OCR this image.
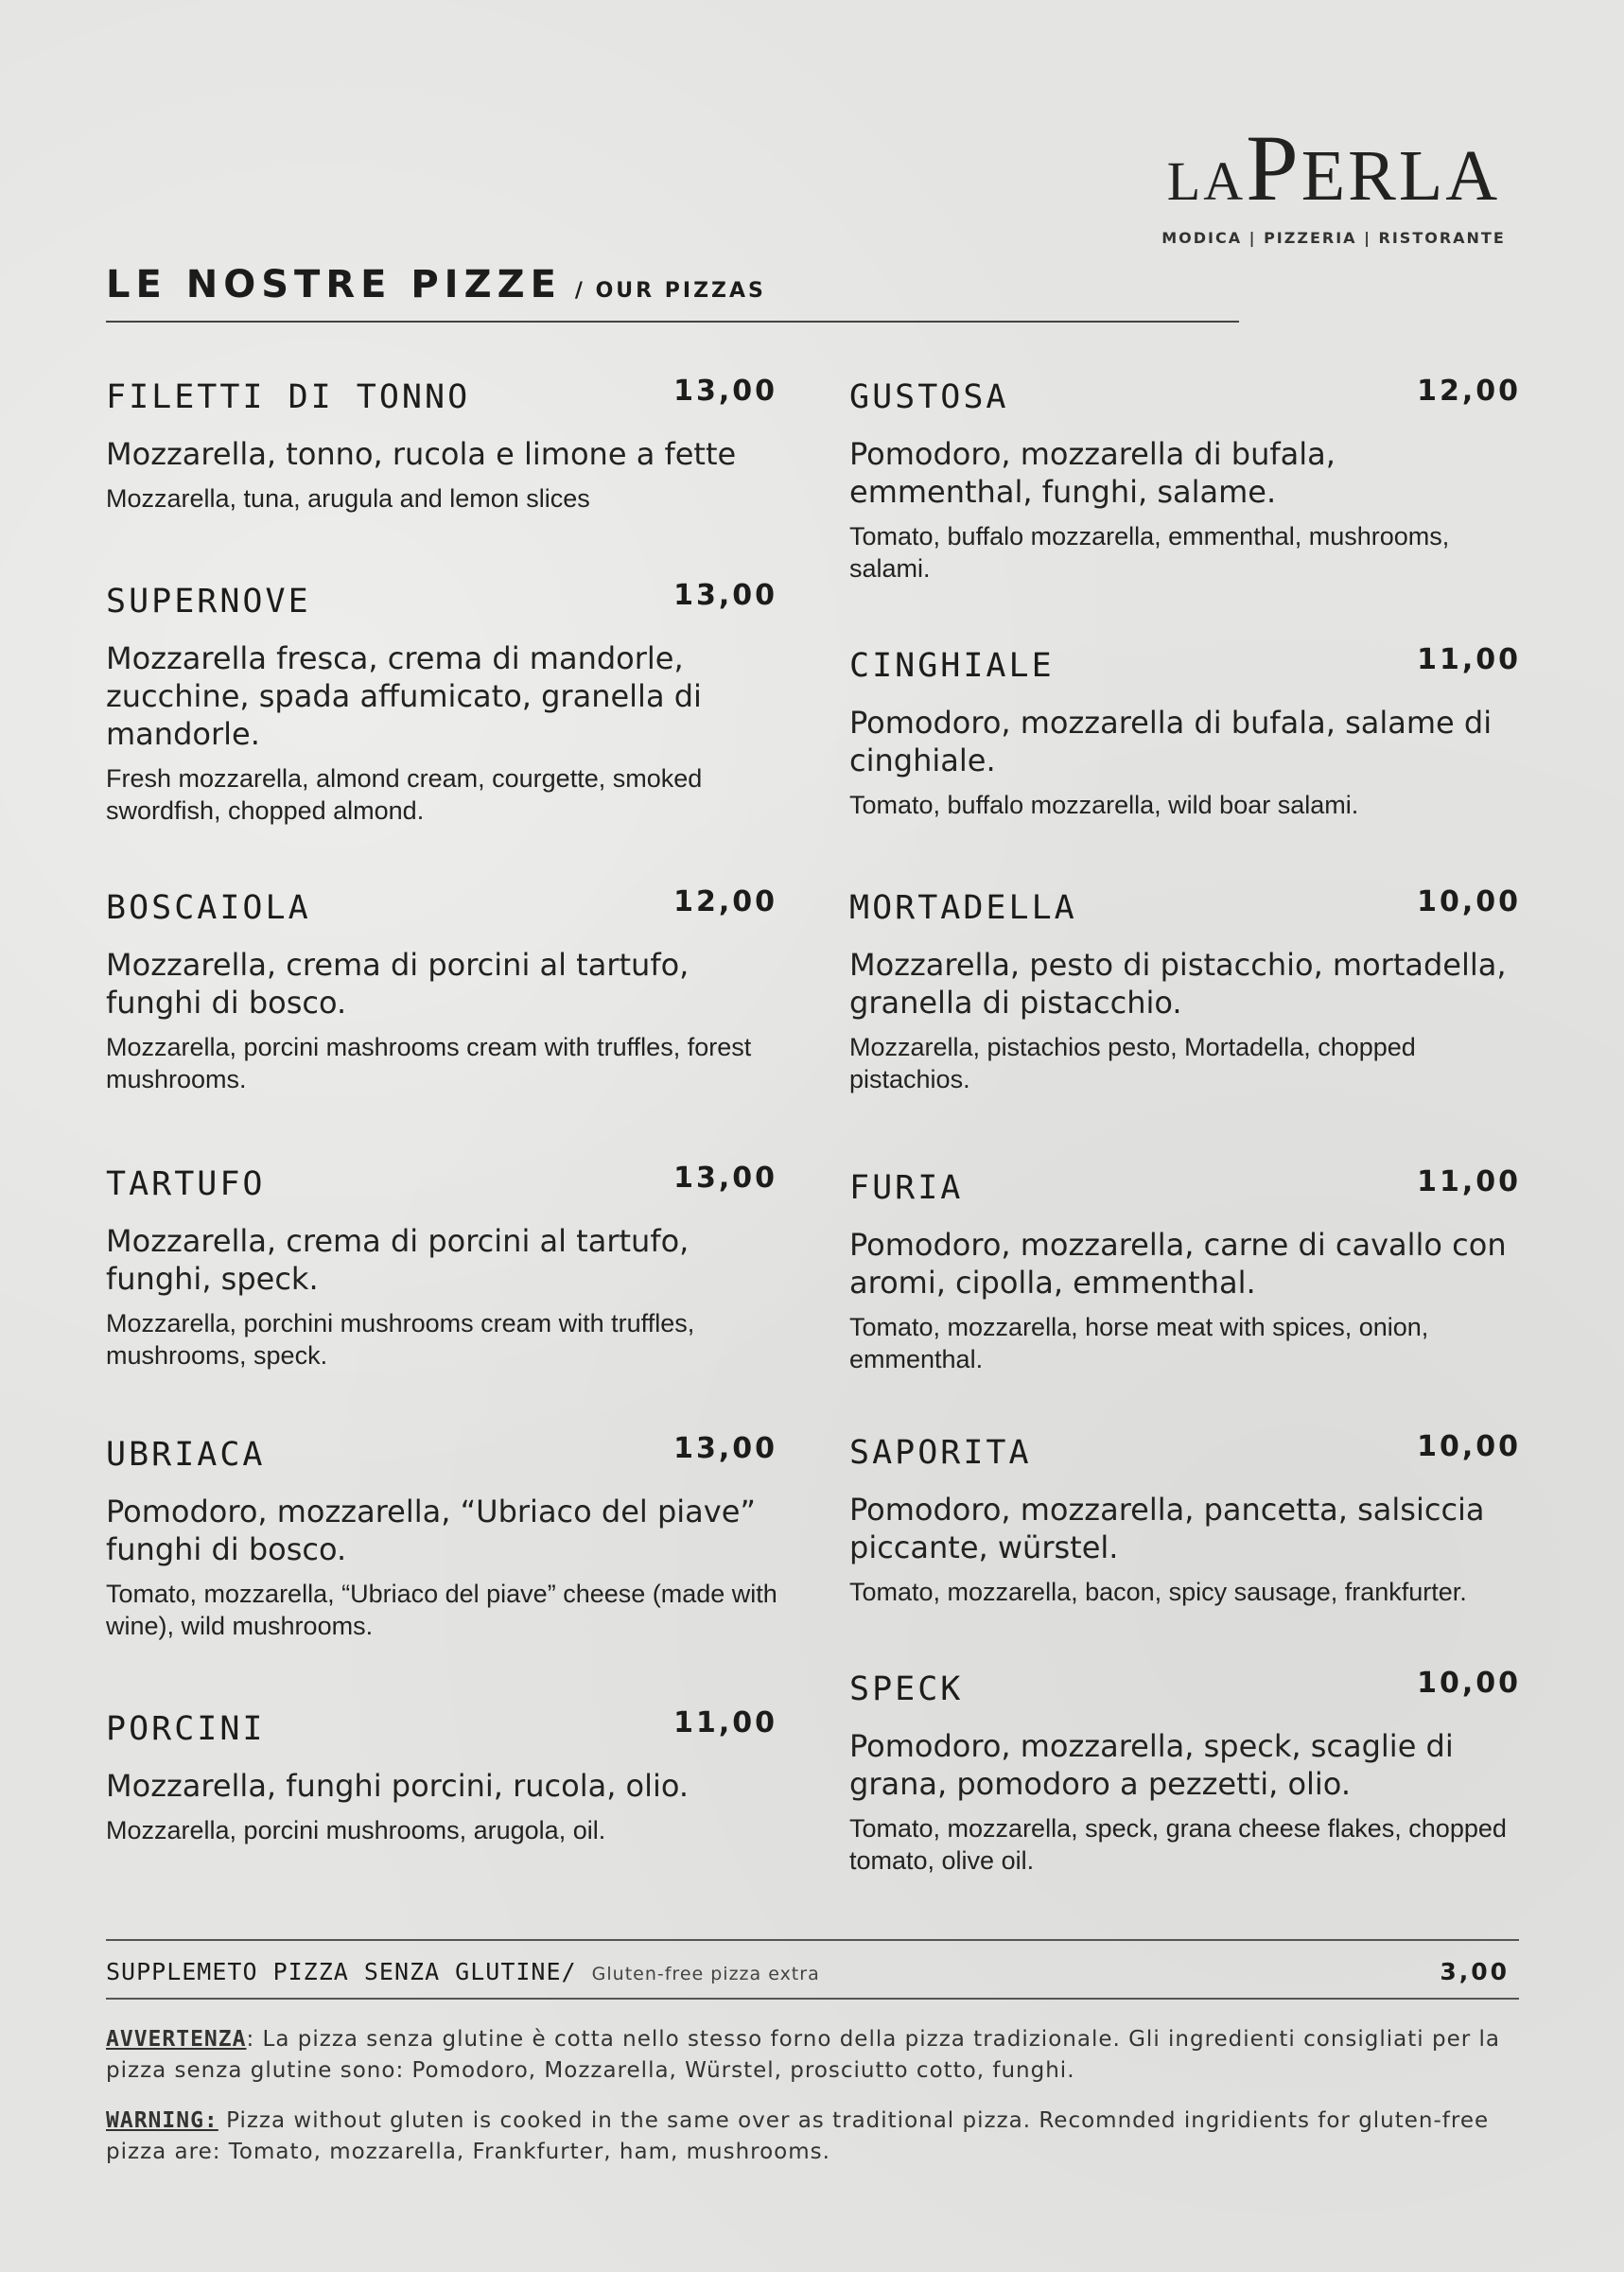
LAPERLA
MODICA | PIZZERIA | RISTORANTE
LE NOSTRE PIZZE / OUR PIZZAS
FILETTI DI TONNO	13,00
Mozzarella, tonno, rucola e limone a fette
Mozzarella, tuna, arugula and lemon slices
SUPERNOVE	13,00
Mozzarella fresca, crema di mandorle, zucchine, spada affumicato, granella di mandorle.
Fresh mozzarella, almond cream, courgette, smoked swordfish, chopped almond.
BOSCAIOLA	12,00
Mozzarella, crema di porcini al tartufo, funghi di bosco.
Mozzarella, porcini mashrooms cream with truffles, forest mushrooms.
TARTUFO	13,00
Mozzarella, crema di porcini al tartufo, funghi, speck.
Mozzarella, porchini mushrooms cream with truffles, mushrooms, speck.
UBRIACA	13,00
Pomodoro, mozzarella, “Ubriaco del piave” funghi di bosco.
Tomato, mozzarella, “Ubriaco del piave” cheese (made with wine), wild mushrooms.
PORCINI	11,00
Mozzarella, funghi porcini, rucola, olio.
Mozzarella, porcini mushrooms, arugola, oil.
GUSTOSA	12,00
Pomodoro, mozzarella di bufala, emmenthal, funghi, salame.
Tomato, buffalo mozzarella, emmenthal, mushrooms, salami.
CINGHIALE	11,00
Pomodoro, mozzarella di bufala, salame di cinghiale.
Tomato, buffalo mozzarella, wild boar salami.
MORTADELLA	10,00
Mozzarella, pesto di pistacchio, mortadella, granella di pistacchio.
Mozzarella, pistachios pesto, Mortadella, chopped pistachios.
FURIA	11,00
Pomodoro, mozzarella, carne di cavallo con aromi, cipolla, emmenthal.
Tomato, mozzarella, horse meat with spices, onion, emmenthal.
SAPORITA	10,00
Pomodoro, mozzarella, pancetta, salsiccia piccante, würstel.
Tomato, mozzarella, bacon, spicy sausage, frankfurter.
SPECK	10,00
Pomodoro, mozzarella, speck, scaglie di grana, pomodoro a pezzetti, olio.
Tomato, mozzarella, speck, grana cheese flakes, chopped tomato, olive oil.
SUPPLEMETO PIZZA SENZA GLUTINE/ Gluten-free pizza extra	3,00
AVVERTENZA: La pizza senza glutine è cotta nello stesso forno della pizza tradizionale. Gli ingredienti consigliati per la pizza senza glutine sono: Pomodoro, Mozzarella, Würstel, prosciutto cotto, funghi.
WARNING: Pizza without gluten is cooked in the same over as traditional pizza. Recomnded ingridients for gluten-free pizza are: Tomato, mozzarella, Frankfurter, ham, mushrooms.
